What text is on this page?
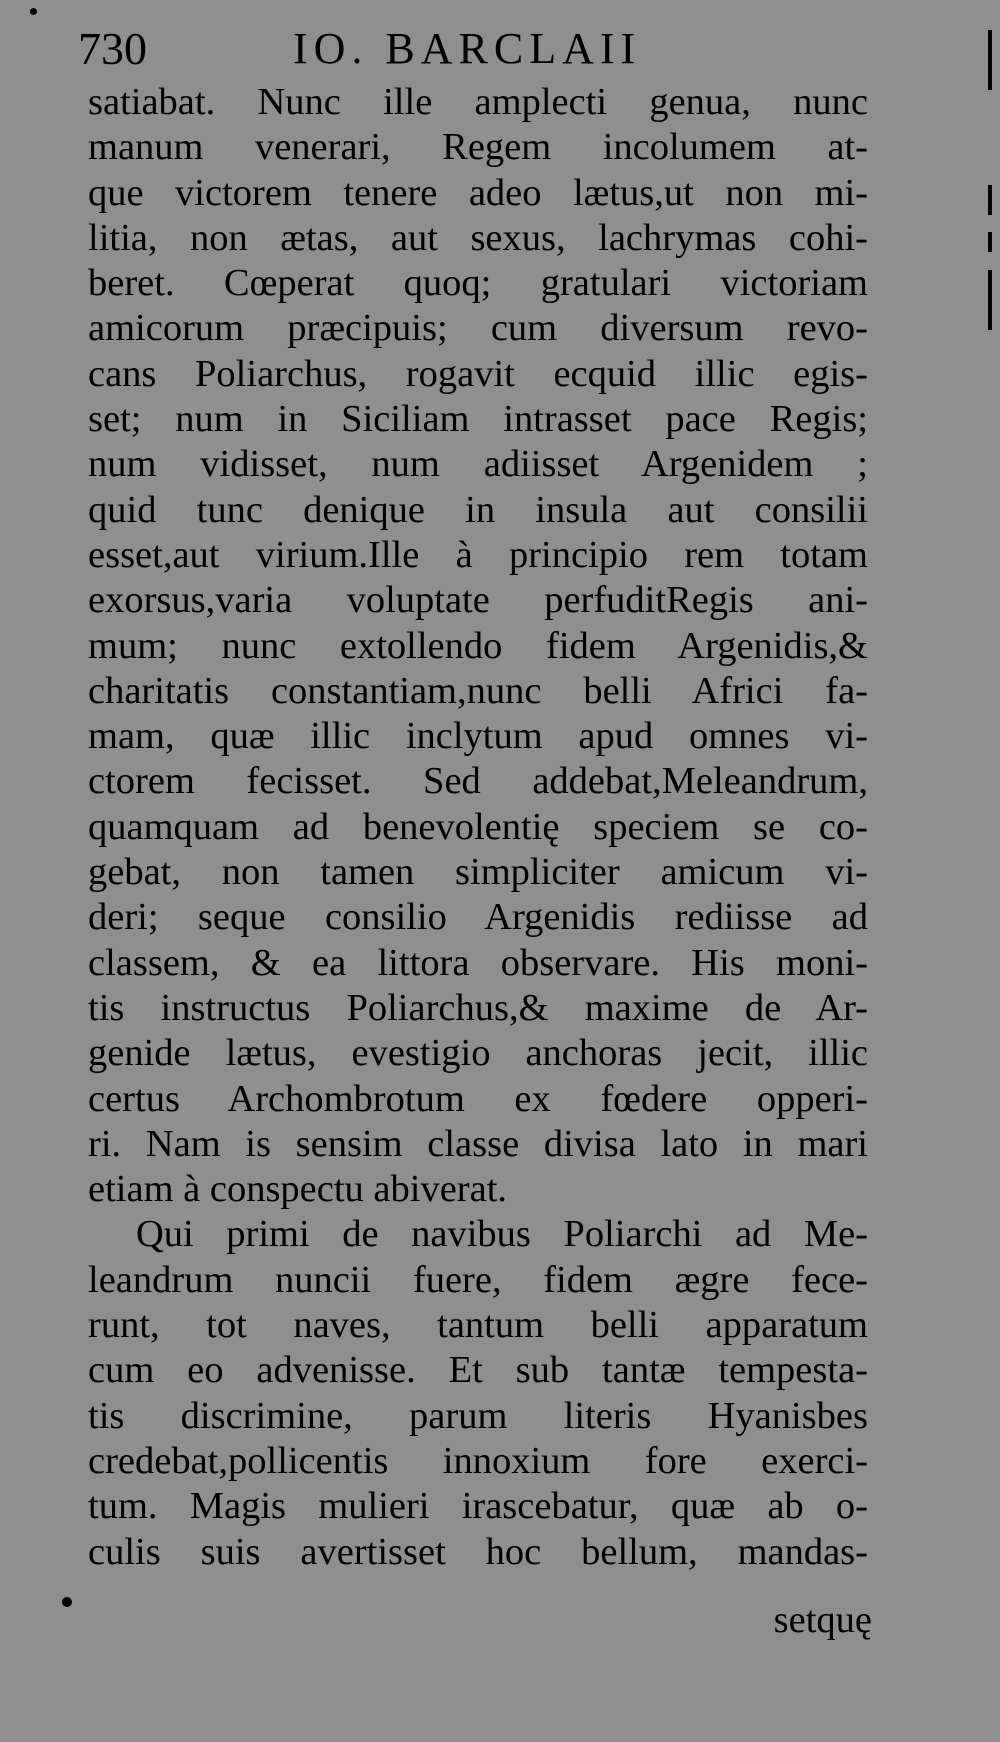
730	IO. BARCLAII
satiabat. Nunc ille amplecti genua, nunc
manum venerari, Regem incolumem at-
que victorem tenere adeo lætus,ut non mi-
litia, non ætas, aut sexus, lachrymas cohi-
beret. Cœperat quoq; gratulari victoriam
amicorum præcipuis; cum diversum revo-
cans Poliarchus, rogavit ecquid illic egis-
set; num in Siciliam intrasset pace Regis;
num vidisset, num adiisset Argenidem ;
quid tunc denique in insula aut consilii
esset,aut virium.Ille à principio rem totam
exorsus,varia voluptate perfuditRegis ani-
mum; nunc extollendo fidem Argenidis,&
charitatis constantiam,nunc belli Africi fa-
mam, quæ illic inclytum apud omnes vi-
ctorem fecisset. Sed addebat,Meleandrum,
quamquam ad benevolentię speciem se co-
gebat, non tamen simpliciter amicum vi-
deri; seque consilio Argenidis rediisse ad
classem, & ea littora observare. His moni-
tis instructus Poliarchus,& maxime de Ar-
genide lætus, evestigio anchoras jecit, illic
certus Archombrotum ex fœdere opperi-
ri. Nam is sensim classe divisa lato in mari
etiam à conspectu abiverat.
Qui primi de navibus Poliarchi ad Me-
leandrum nuncii fuere, fidem ægre fece-
runt, tot naves, tantum belli apparatum
cum eo advenisse. Et sub tantæ tempesta-
tis discrimine, parum literis Hyanisbes
credebat,pollicentis innoxium fore exerci-
tum. Magis mulieri irascebatur, quæ ab o-
culis suis avertisset hoc bellum, mandas-
setquę
